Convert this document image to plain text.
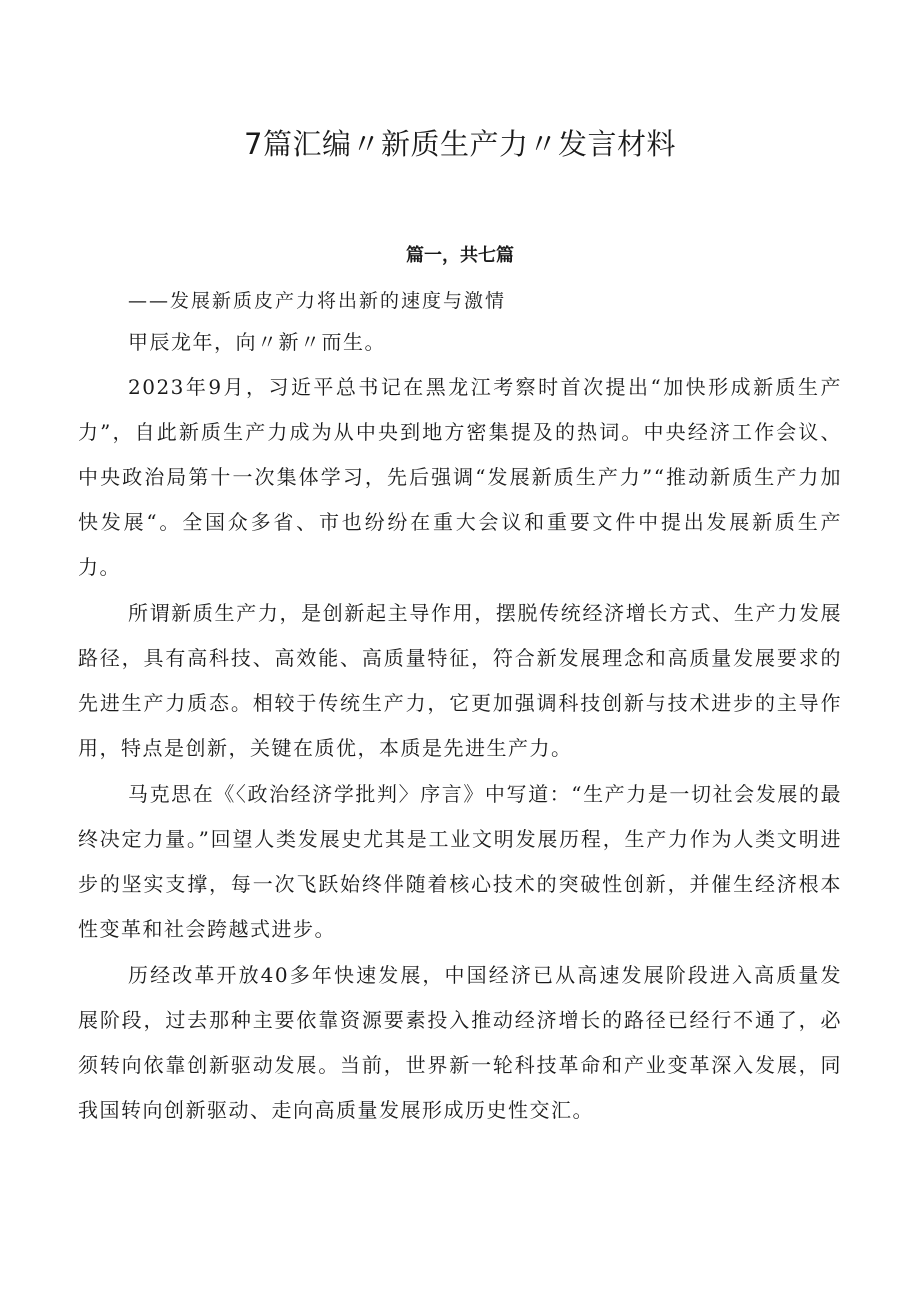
7篇汇编〃新质生产力〃发言材料
篇一，共七篇

——发展新质皮产力将出新的速度与激情

甲辰龙年，向〃新〃而生。

2023年9月，习近平总书记在黑龙江考察时首次提出“加快形成新质生产力”，自此新质生产力成为从中央到地方密集提及的热词。中央经济工作会议、中央政治局第十一次集体学习，先后强调“发展新质生产力”“推动新质生产力加快发展“。全国众多省、市也纷纷在重大会议和重要文件中提出发展新质生产力。

所谓新质生产力，是创新起主导作用，摆脱传统经济增长方式、生产力发展路径，具有高科技、高效能、高质量特征，符合新发展理念和高质量发展要求的先进生产力质态。相较于传统生产力，它更加强调科技创新与技术进步的主导作用，特点是创新，关键在质优，本质是先进生产力。

马克思在《〈政治经济学批判〉序言》中写道：“生产力是一切社会发展的最终决定力量。”回望人类发展史尤其是工业文明发展历程，生产力作为人类文明进步的坚实支撑，每一次飞跃始终伴随着核心技术的突破性创新，并催生经济根本性变革和社会跨越式进步。

历经改革开放40多年快速发展，中国经济已从高速发展阶段进入高质量发展阶段，过去那种主要依靠资源要素投入推动经济增长的路径已经行不通了，必须转向依靠创新驱动发展。当前，世界新一轮科技革命和产业变革深入发展，同我国转向创新驱动、走向高质量发展形成历史性交汇。
